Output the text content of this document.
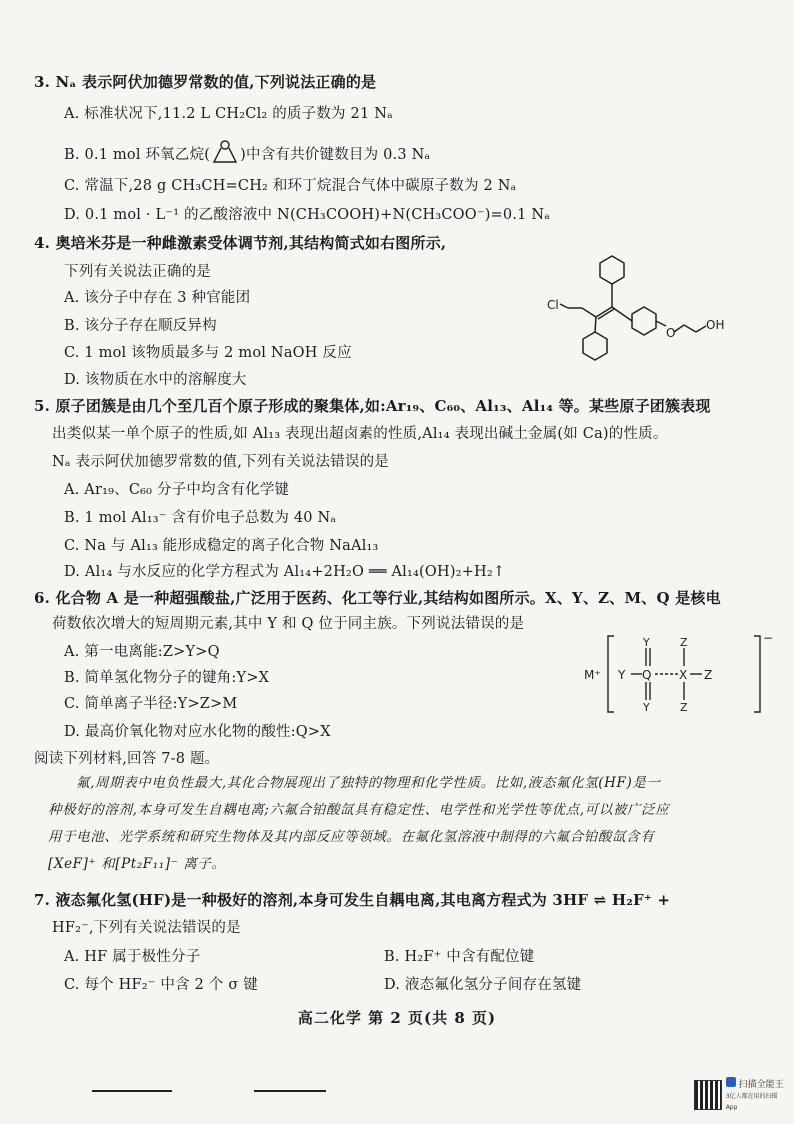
3. Nₐ 表示阿伏加德罗常数的值,下列说法正确的是
A. 标准状况下,11.2 L CH₂Cl₂ 的质子数为 21 Nₐ
B. 0.1 mol 环氧乙烷( )中含有共价键数目为 0.3 Nₐ
C. 常温下,28 g CH₃CH=CH₂ 和环丁烷混合气体中碳原子数为 2 Nₐ
D. 0.1 mol · L⁻¹ 的乙酸溶液中 N(CH₃COOH)+N(CH₃COO⁻)=0.1 Nₐ
4. 奥培米芬是一种雌激素受体调节剂,其结构简式如右图所示,
下列有关说法正确的是
A. 该分子中存在 3 种官能团
B. 该分子存在顺反异构
C. 1 mol 该物质最多与 2 mol NaOH 反应
D. 该物质在水中的溶解度大
Cl
O
OH
5. 原子团簇是由几个至几百个原子形成的聚集体,如:Ar₁₉、C₆₀、Al₁₃、Al₁₄ 等。某些原子团簇表现
出类似某一单个原子的性质,如 Al₁₃ 表现出超卤素的性质,Al₁₄ 表现出碱土金属(如 Ca)的性质。
Nₐ 表示阿伏加德罗常数的值,下列有关说法错误的是
A. Ar₁₉、C₆₀ 分子中均含有化学键
B. 1 mol Al₁₃⁻ 含有价电子总数为 40 Nₐ
C. Na 与 Al₁₃ 能形成稳定的离子化合物 NaAl₁₃
D. Al₁₄ 与水反应的化学方程式为 Al₁₄+2H₂O ══ Al₁₄(OH)₂+H₂↑
6. 化合物 A 是一种超强酸盐,广泛用于医药、化工等行业,其结构如图所示。X、Y、Z、M、Q 是核电
荷数依次增大的短周期元素,其中 Y 和 Q 位于同主族。下列说法错误的是
A. 第一电离能:Z>Y>Q
B. 简单氢化物分子的键角:Y>X
C. 简单离子半径:Y>Z>M
D. 最高价氧化物对应水化物的酸性:Q>X
M⁺ Y
Y
Q
Y
Z
X
Z
Z
−
阅读下列材料,回答 7-8 题。
氟,周期表中电负性最大,其化合物展现出了独特的物理和化学性质。比如,液态氟化氢(HF)是一
种极好的溶剂,本身可发生自耦电离;六氟合铂酸氙具有稳定性、电学性和光学性等优点,可以被广泛应
用于电池、光学系统和研究生物体及其内部反应等领域。在氟化氢溶液中制得的六氟合铂酸氙含有
[XeF]⁺ 和[Pt₂F₁₁]⁻ 离子。
7. 液态氟化氢(HF)是一种极好的溶剂,本身可发生自耦电离,其电离方程式为 3HF ⇌ H₂F⁺ +
HF₂⁻,下列有关说法错误的是
A. HF 属于极性分子	B. H₂F⁺ 中含有配位键
C. 每个 HF₂⁻ 中含 2 个 σ 键	D. 液态氟化氢分子间存在氢键
高二化学 第 2 页(共 8 页)
扫描全能王
3亿人都在用的扫描App
